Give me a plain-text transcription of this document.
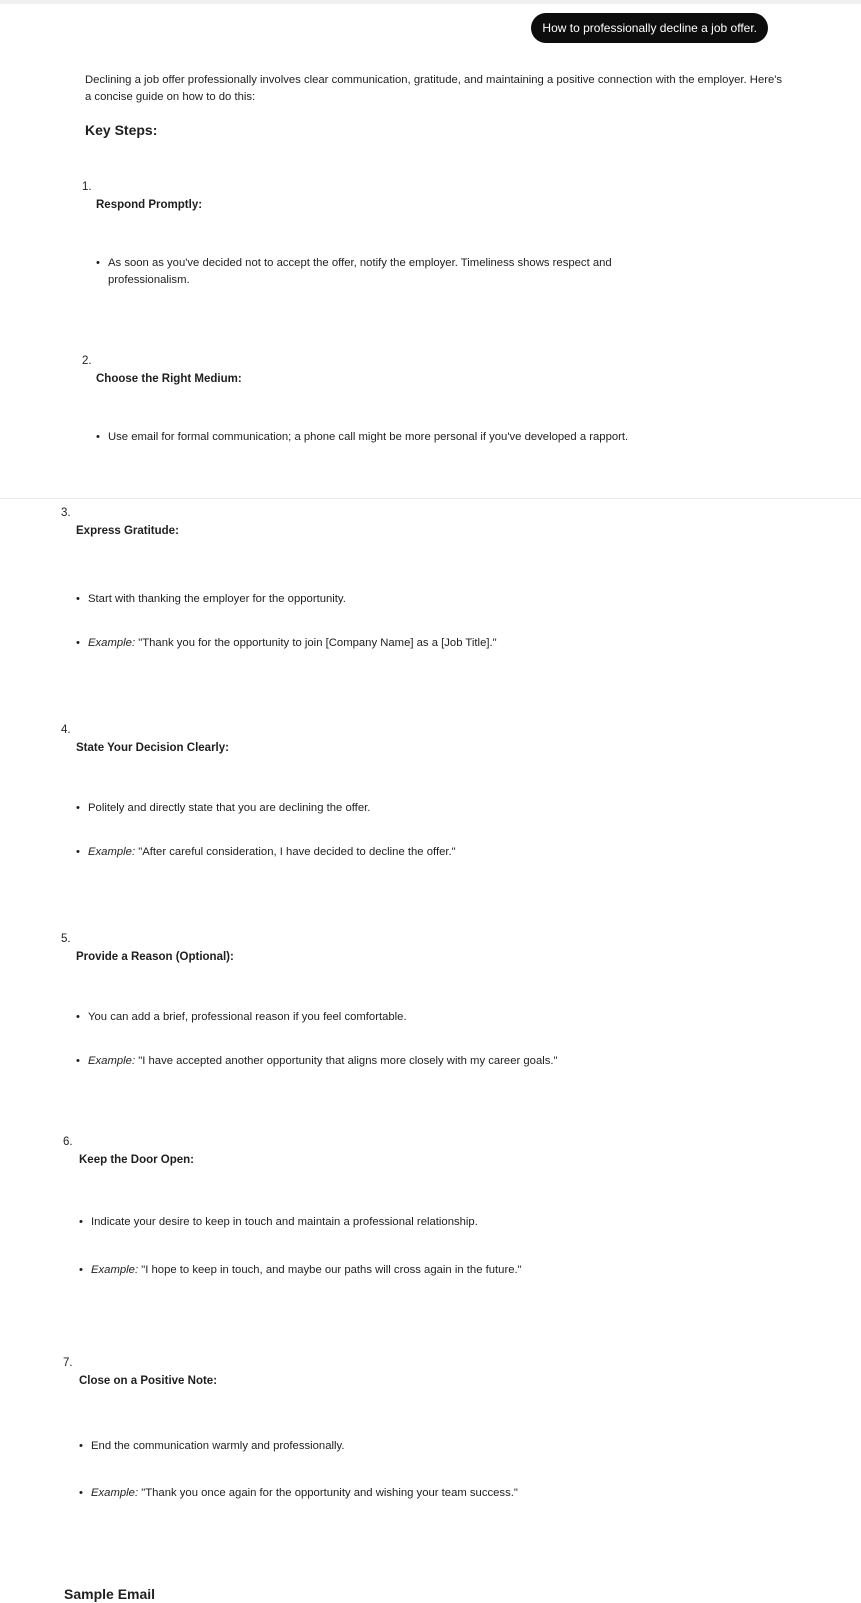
How to professionally decline a job offer.

Declining a job offer professionally involves clear communication, gratitude, and maintaining a positive connection with the employer. Here's a concise guide on how to do this:

Key Steps:
1.
Respond Promptly:
• As soon as you've decided not to accept the offer, notify the employer. Timeliness shows respect and professionalism.
2.
Choose the Right Medium:
• Use email for formal communication; a phone call might be more personal if you've developed a rapport.
3.
Express Gratitude:
• Start with thanking the employer for the opportunity.
• Example: "Thank you for the opportunity to join [Company Name] as a [Job Title]."
4.
State Your Decision Clearly:
• Politely and directly state that you are declining the offer.
• Example: "After careful consideration, I have decided to decline the offer."
5.
Provide a Reason (Optional):
• You can add a brief, professional reason if you feel comfortable.
• Example: "I have accepted another opportunity that aligns more closely with my career goals."
6.
Keep the Door Open:
• Indicate your desire to keep in touch and maintain a professional relationship.
• Example: "I hope to keep in touch, and maybe our paths will cross again in the future."
7.
Close on a Positive Note:
• End the communication warmly and professionally.
• Example: "Thank you once again for the opportunity and wishing your team success."
Sample Email
